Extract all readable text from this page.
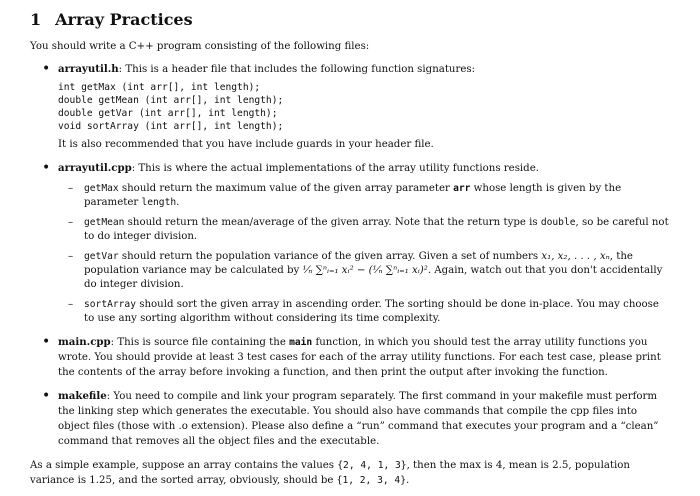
1 Array Practices

You should write a C++ program consisting of the following files:

• arrayutil.h: This is a header file that includes the following function signatures:
int getMax (int arr[], int length);
double getMean (int arr[], int length);
double getVar (int arr[], int length);
void sortArray (int arr[], int length);
It is also recommended that you have include guards in your header file.
• arrayutil.cpp: This is where the actual implementations of the array utility functions reside.
– getMax should return the maximum value of the given array parameter arr whose length is given by the parameter length.
– getMean should return the mean/average of the given array. Note that the return type is double, so be careful not to do integer division.
– getVar should return the population variance of the given array. Given a set of numbers x₁, x₂, . . . , xₙ, the population variance may be calculated by ¹⁄ₙ ∑ⁿᵢ₌₁ xᵢ² − (¹⁄ₙ ∑ⁿᵢ₌₁ xᵢ)². Again, watch out that you don't accidentally do integer division.
– sortArray should sort the given array in ascending order. The sorting should be done in-place. You may choose to use any sorting algorithm without considering its time complexity.
• main.cpp: This is source file containing the main function, in which you should test the array utility functions you wrote. You should provide at least 3 test cases for each of the array utility functions. For each test case, please print the contents of the array before invoking a function, and then print the output after invoking the function.
• makefile: You need to compile and link your program separately. The first command in your makefile must perform the linking step which generates the executable. You should also have commands that compile the cpp files into object files (those with .o extension). Please also define a “run” command that executes your program and a “clean” command that removes all the object files and the executable.

As a simple example, suppose an array contains the values {2, 4, 1, 3}, then the max is 4, mean is 2.5, population variance is 1.25, and the sorted array, obviously, should be {1, 2, 3, 4}.
